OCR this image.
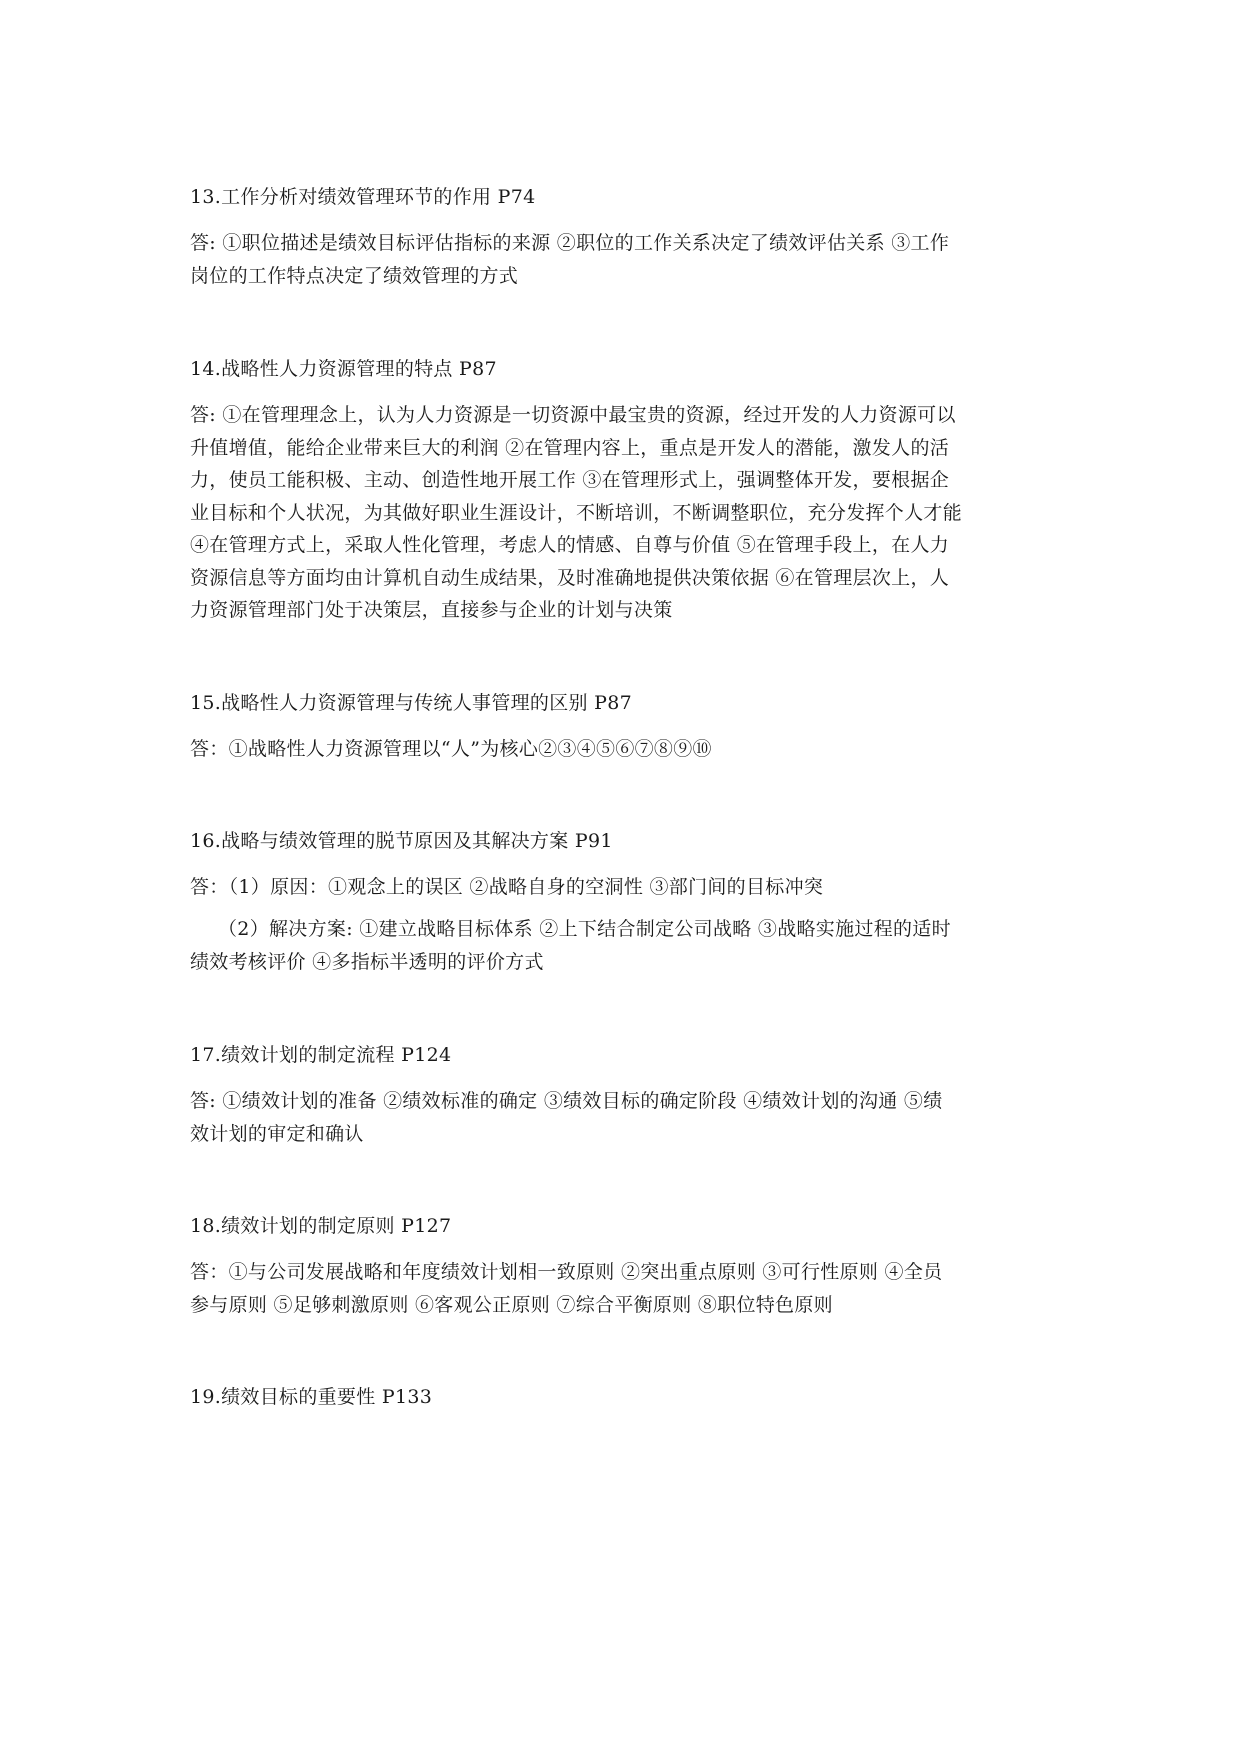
13.工作分析对绩效管理环节的作用 P74
答: ①职位描述是绩效目标评估指标的来源 ②职位的工作关系决定了绩效评估关系 ③工作
岗位的工作特点决定了绩效管理的方式
14.战略性人力资源管理的特点 P87
答: ①在管理理念上，认为人力资源是一切资源中最宝贵的资源，经过开发的人力资源可以
升值增值，能给企业带来巨大的利润 ②在管理内容上，重点是开发人的潜能，激发人的活
力，使员工能积极、主动、创造性地开展工作 ③在管理形式上，强调整体开发，要根据企
业目标和个人状况，为其做好职业生涯设计，不断培训，不断调整职位，充分发挥个人才能
④在管理方式上，采取人性化管理，考虑人的情感、自尊与价值 ⑤在管理手段上，在人力
资源信息等方面均由计算机自动生成结果，及时准确地提供决策依据 ⑥在管理层次上，人
力资源管理部门处于决策层，直接参与企业的计划与决策
15.战略性人力资源管理与传统人事管理的区别 P87
答：①战略性人力资源管理以“人”为核心②③④⑤⑥⑦⑧⑨⑩
16.战略与绩效管理的脱节原因及其解决方案 P91
答：（1）原因：①观念上的误区 ②战略自身的空洞性 ③部门间的目标冲突
（2）解决方案: ①建立战略目标体系 ②上下结合制定公司战略 ③战略实施过程的适时
绩效考核评价 ④多指标半透明的评价方式
17.绩效计划的制定流程 P124
答: ①绩效计划的准备 ②绩效标准的确定 ③绩效目标的确定阶段 ④绩效计划的沟通 ⑤绩
效计划的审定和确认
18.绩效计划的制定原则 P127
答：①与公司发展战略和年度绩效计划相一致原则 ②突出重点原则 ③可行性原则 ④全员
参与原则 ⑤足够刺激原则 ⑥客观公正原则 ⑦综合平衡原则 ⑧职位特色原则
19.绩效目标的重要性 P133
